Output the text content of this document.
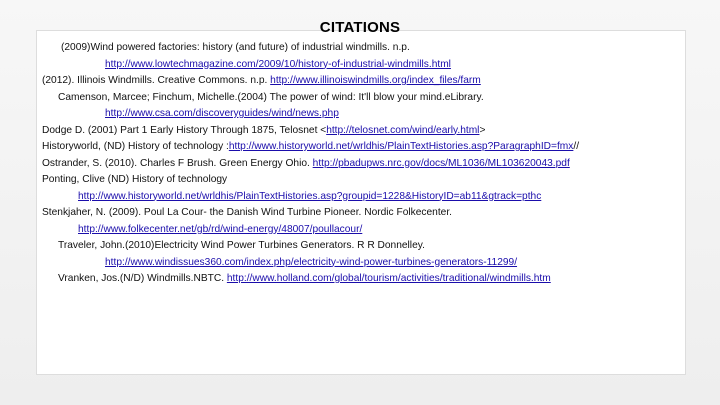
CITATIONS
(2009)Wind powered factories: history (and future) of industrial windmills. n.p.
http://www.lowtechmagazine.com/2009/10/history-of-industrial-windmills.html
(2012). Illinois Windmills. Creative Commons. n.p. http://www.illinoiswindmills.org/index_files/farm
Camenson, Marcee; Finchum, Michelle.(2004) The power of wind: It'll blow your mind.eLibrary.
http://www.csa.com/discoveryguides/wind/news.php
Dodge D. (2001) Part 1 Early History Through 1875, Telosnet <http://telosnet.com/wind/early.html>
Historyworld, (ND) History of technology :http://www.historyworld.net/wrldhis/PlainTextHistories.asp?ParagraphID=fmx//
Ostrander, S. (2010). Charles F Brush. Green Energy Ohio. http://pbadupws.nrc.gov/docs/ML1036/ML103620043.pdf
Ponting, Clive (ND) History of technology
http://www.historyworld.net/wrldhis/PlainTextHistories.asp?groupid=1228&HistoryID=ab11&gtrack=pthc
Stenkjaher, N. (2009). Poul La Cour- the Danish Wind Turbine Pioneer. Nordic Folkecenter.
http://www.folkecenter.net/gb/rd/wind-energy/48007/poullacour/
Traveler, John.(2010)Electricity Wind Power Turbines Generators. R R Donnelley.
http://www.windissues360.com/index.php/electricity-wind-power-turbines-generators-11299/
Vranken, Jos.(N/D) Windmills.NBTC. http://www.holland.com/global/tourism/activities/traditional/windmills.htm
